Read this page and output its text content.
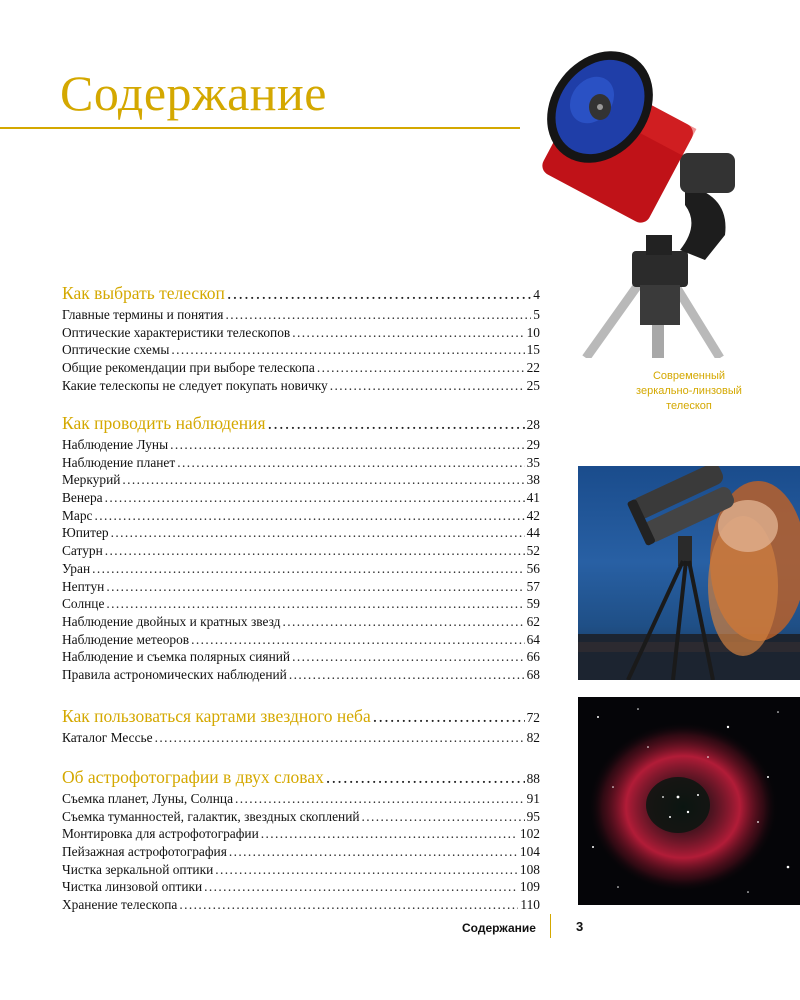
Содержание
Современный
зеркально-линзовый
телескоп
Как выбрать телескоп .....	4
Главные термины и понятия .....	5
Оптические характеристики телескопов .....	10
Оптические схемы .....	15
Общие рекомендации при выборе телескопа .....	22
Какие телескопы не следует покупать новичку .....	25
Как проводить наблюдения .....	28
Наблюдение Луны .....	29
Наблюдение планет .....	35
Меркурий .....	38
Венера .....	41
Марс .....	42
Юпитер .....	44
Сатурн .....	52
Уран .....	56
Нептун .....	57
Солнце .....	59
Наблюдение двойных и кратных звезд .....	62
Наблюдение метеоров .....	64
Наблюдение и съемка полярных сияний .....	66
Правила астрономических наблюдений .....	68
Как пользоваться картами звездного неба .....	72
Каталог Мессье .....	82
Об астрофотографии в двух словах .....	88
Съемка планет, Луны, Солнца .....	91
Съемка туманностей, галактик, звездных скоплений .....	95
Монтировка для астрофотографии .....	102
Пейзажная астрофотография .....	104
Чистка зеркальной оптики .....	108
Чистка линзовой оптики .....	109
Хранение телескопа .....	110
Содержание	3
